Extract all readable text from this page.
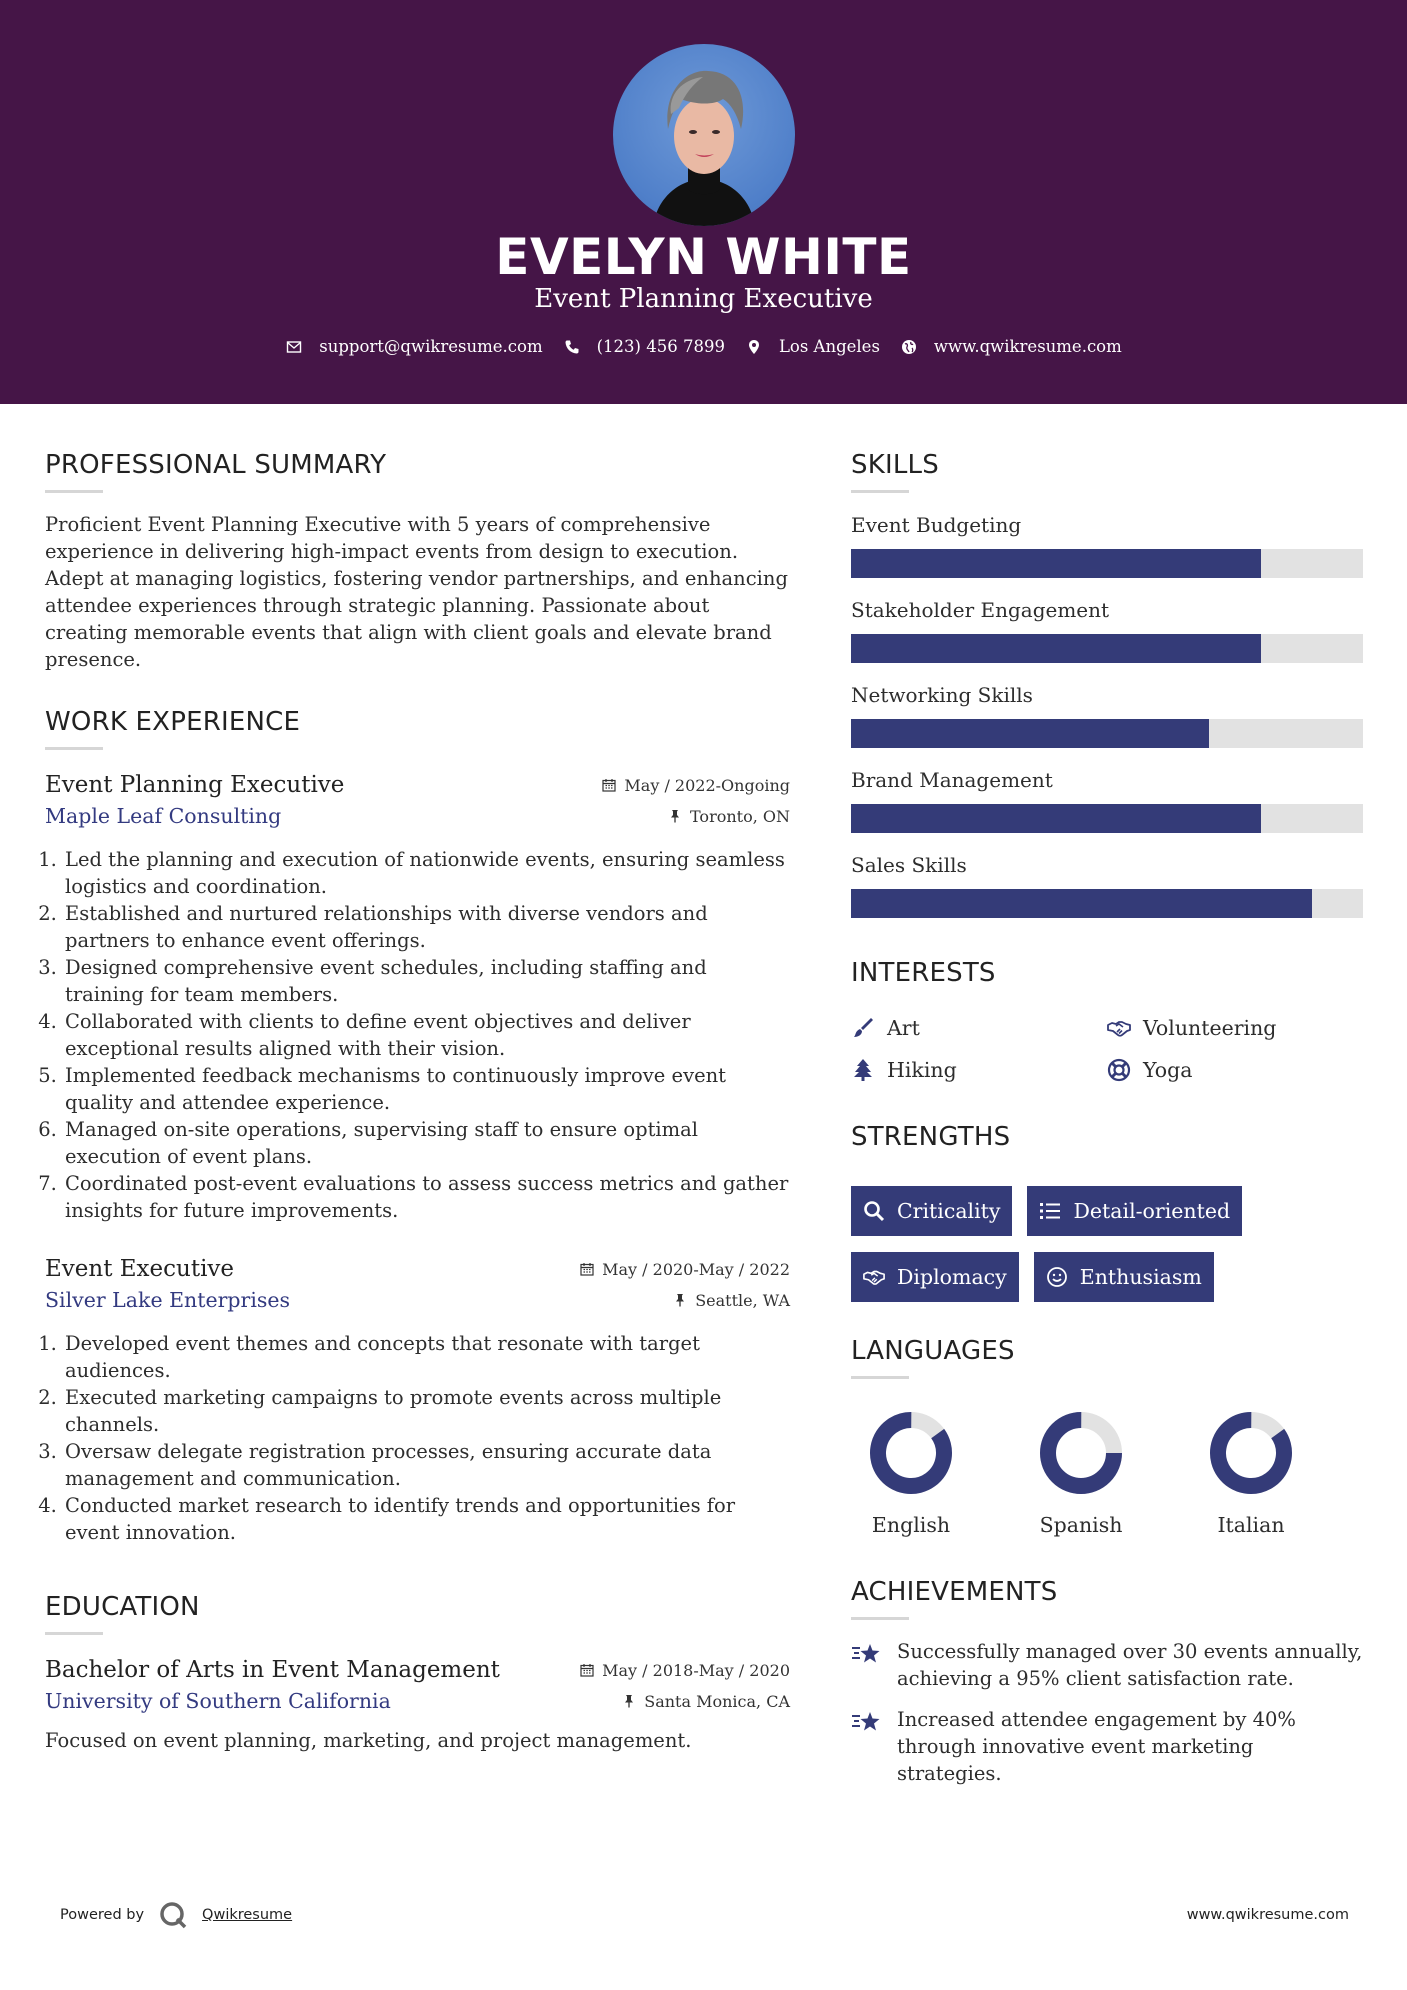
EVELYN WHITE
Event Planning Executive
support@qwikresume.com	(123) 456 7899	Los Angeles	www.qwikresume.com
PROFESSIONAL SUMMARY

Proficient Event Planning Executive with 5 years of comprehensive experience in delivering high-impact events from design to execution. Adept at managing logistics, fostering vendor partnerships, and enhancing attendee experiences through strategic planning. Passionate about creating memorable events that align with client goals and elevate brand presence.

WORK EXPERIENCE
Event Planning Executive	May / 2022-Ongoing
Maple Leaf Consulting	Toronto, ON
1. Led the planning and execution of nationwide events, ensuring seamless logistics and coordination.
2. Established and nurtured relationships with diverse vendors and partners to enhance event offerings.
3. Designed comprehensive event schedules, including staffing and training for team members.
4. Collaborated with clients to define event objectives and deliver exceptional results aligned with their vision.
5. Implemented feedback mechanisms to continuously improve event quality and attendee experience.
6. Managed on-site operations, supervising staff to ensure optimal execution of event plans.
7. Coordinated post-event evaluations to assess success metrics and gather insights for future improvements.
Event Executive	May / 2020-May / 2022
Silver Lake Enterprises	Seattle, WA
1. Developed event themes and concepts that resonate with target audiences.
2. Executed marketing campaigns to promote events across multiple channels.
3. Oversaw delegate registration processes, ensuring accurate data management and communication.
4. Conducted market research to identify trends and opportunities for event innovation.
EDUCATION
Bachelor of Arts in Event Management	May / 2018-May / 2020
University of Southern California	Santa Monica, CA

Focused on event planning, marketing, and project management.

SKILLS
Event Budgeting
Stakeholder Engagement
Networking Skills
Brand Management
Sales Skills
INTERESTS
Art	Volunteering
Hiking	Yoga
STRENGTHS
Criticality	Detail-oriented
Diplomacy	Enthusiasm
LANGUAGES
English	Spanish	Italian
ACHIEVEMENTS
Successfully managed over 30 events annually, achieving a 95% client satisfaction rate.
Increased attendee engagement by 40% through innovative event marketing strategies.
Powered by	Qwikresume	www.qwikresume.com
